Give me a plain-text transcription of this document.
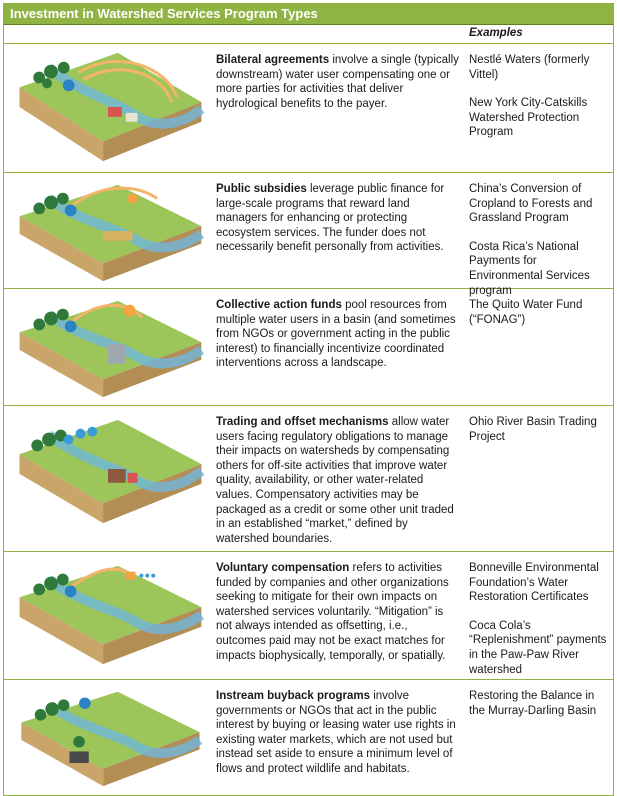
Investment in Watershed Services Program Types
Examples
Bilateral agreements involve a single (typically downstream) water user compensating one or more parties for activities that deliver hydrological benefits to the payer.
Nestlé Waters (formerly Vittel)
New York City-Catskills Watershed Protection Program
Public subsidies leverage public finance for large-scale programs that reward land managers for enhancing or protecting ecosystem services. The funder does not necessarily benefit personally from activities.
China’s Conversion of Cropland to Forests and Grassland Program
Costa Rica’s National Payments for Environmental Services program
Collective action funds pool resources from multiple water users in a basin (and sometimes from NGOs or government acting in the public interest) to financially incentivize coordinated interventions across a landscape.
The Quito Water Fund (“FONAG”)
Trading and offset mechanisms allow water users facing regulatory obligations to manage their impacts on watersheds by compensating others for off-site activities that improve water quality, availability, or other water-related values. Compensatory activities may be packaged as a credit or some other unit traded in an established “market,” defined by watershed boundaries.
Ohio River Basin Trading Project
Voluntary compensation refers to activities funded by companies and other organizations seeking to mitigate for their own impacts on watershed services voluntarily. “Mitigation” is not always intended as offsetting, i.e., outcomes paid may not be exact matches for impacts biophysically, temporally, or spatially.
Bonneville Environmental Foundation’s Water Restoration Certificates
Coca Cola’s “Replenishment” payments in the Paw-Paw River watershed
Instream buyback programs involve governments or NGOs that act in the public interest by buying or leasing water use rights in existing water markets, which are not used but instead set aside to ensure a minimum level of flows and protect wildlife and habitats.
Restoring the Balance in the Murray-Darling Basin
